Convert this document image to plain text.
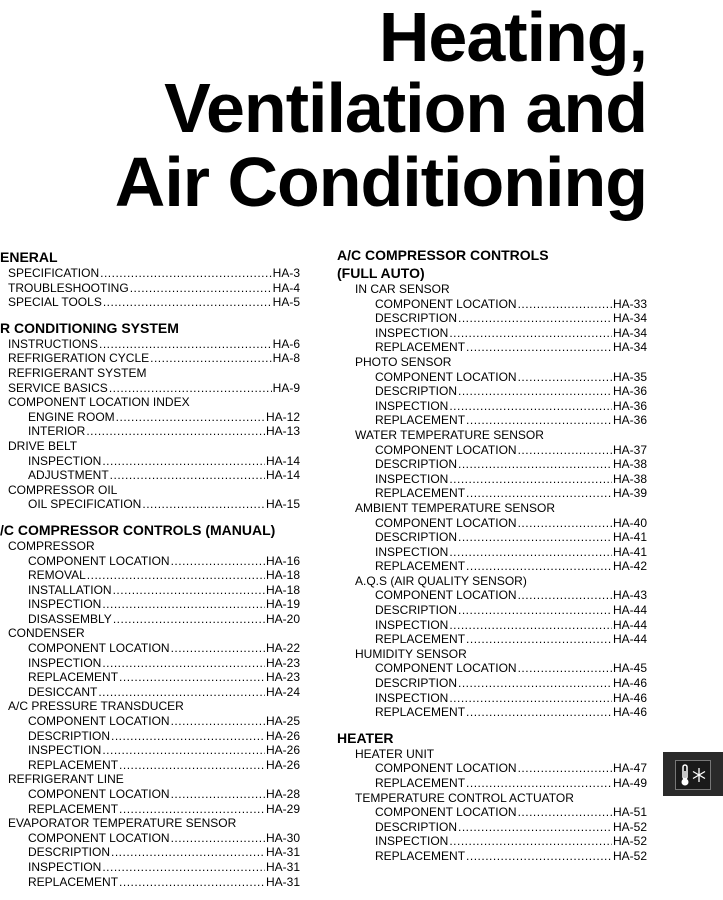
Heating,
Ventilation and
Air Conditioning
ENERAL
SPECIFICATION .....	HA-3
TROUBLESHOOTING .....	HA-4
SPECIAL TOOLS .....	HA-5
R CONDITIONING SYSTEM
INSTRUCTIONS .....	HA-6
REFRIGERATION CYCLE .....	HA-8
REFRIGERANT SYSTEM
SERVICE BASICS .....	HA-9
COMPONENT LOCATION INDEX
ENGINE ROOM .....	HA-12
INTERIOR .....	HA-13
DRIVE BELT
INSPECTION .....	HA-14
ADJUSTMENT .....	HA-14
COMPRESSOR OIL
OIL SPECIFICATION .....	HA-15
/C COMPRESSOR CONTROLS (MANUAL)
COMPRESSOR
COMPONENT LOCATION .....	HA-16
REMOVAL .....	HA-18
INSTALLATION .....	HA-18
INSPECTION .....	HA-19
DISASSEMBLY .....	HA-20
CONDENSER
COMPONENT LOCATION .....	HA-22
INSPECTION .....	HA-23
REPLACEMENT .....	HA-23
DESICCANT .....	HA-24
A/C PRESSURE TRANSDUCER
COMPONENT LOCATION .....	HA-25
DESCRIPTION .....	HA-26
INSPECTION .....	HA-26
REPLACEMENT .....	HA-26
REFRIGERANT LINE
COMPONENT LOCATION .....	HA-28
REPLACEMENT .....	HA-29
EVAPORATOR TEMPERATURE SENSOR
COMPONENT LOCATION .....	HA-30
DESCRIPTION .....	HA-31
INSPECTION .....	HA-31
REPLACEMENT .....	HA-31
A/C COMPRESSOR CONTROLS
(FULL AUTO)
IN CAR SENSOR
COMPONENT LOCATION .....	HA-33
DESCRIPTION .....	HA-34
INSPECTION .....	HA-34
REPLACEMENT .....	HA-34
PHOTO SENSOR
COMPONENT LOCATION .....	HA-35
DESCRIPTION .....	HA-36
INSPECTION .....	HA-36
REPLACEMENT .....	HA-36
WATER TEMPERATURE SENSOR
COMPONENT LOCATION .....	HA-37
DESCRIPTION .....	HA-38
INSPECTION .....	HA-38
REPLACEMENT .....	HA-39
AMBIENT TEMPERATURE SENSOR
COMPONENT LOCATION .....	HA-40
DESCRIPTION .....	HA-41
INSPECTION .....	HA-41
REPLACEMENT .....	HA-42
A.Q.S (AIR QUALITY SENSOR)
COMPONENT LOCATION .....	HA-43
DESCRIPTION .....	HA-44
INSPECTION .....	HA-44
REPLACEMENT .....	HA-44
HUMIDITY SENSOR
COMPONENT LOCATION .....	HA-45
DESCRIPTION .....	HA-46
INSPECTION .....	HA-46
REPLACEMENT .....	HA-46
HEATER
HEATER UNIT
COMPONENT LOCATION .....	HA-47
REPLACEMENT .....	HA-49
TEMPERATURE CONTROL ACTUATOR
COMPONENT LOCATION .....	HA-51
DESCRIPTION .....	HA-52
INSPECTION .....	HA-52
REPLACEMENT .....	HA-52
